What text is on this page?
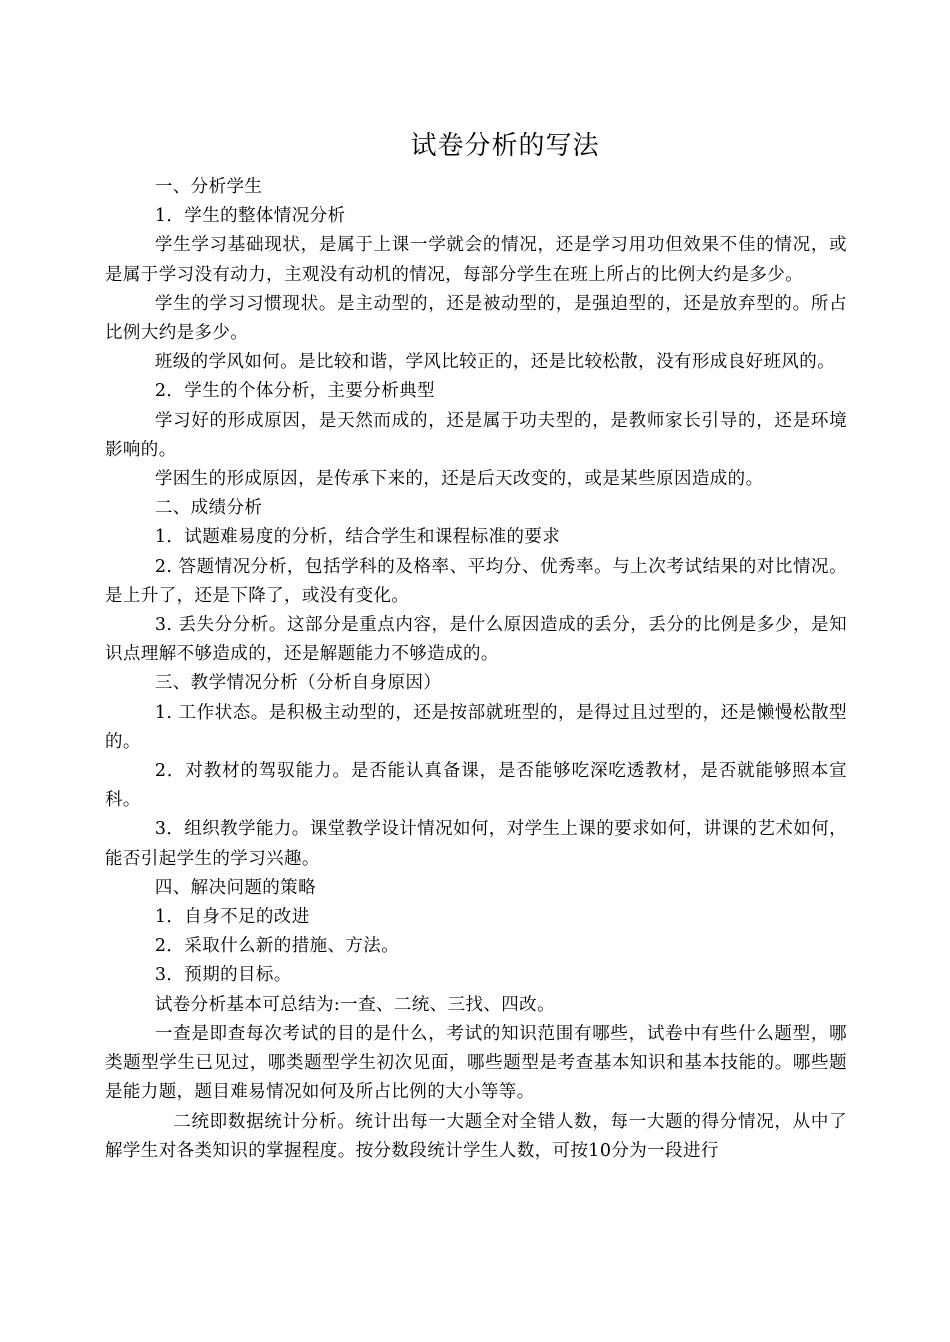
试卷分析的写法

一、分析学生

1．学生的整体情况分析

学生学习基础现状，是属于上课一学就会的情况，还是学习用功但效果不佳的情况，或是属于学习没有动力，主观没有动机的情况，每部分学生在班上所占的比例大约是多少。

学生的学习习惯现状。是主动型的，还是被动型的，是强迫型的，还是放弃型的。所占比例大约是多少。

班级的学风如何。是比较和谐，学风比较正的，还是比较松散，没有形成良好班风的。

2．学生的个体分析，主要分析典型

学习好的形成原因，是天然而成的，还是属于功夫型的，是教师家长引导的，还是环境影响的。

学困生的形成原因，是传承下来的，还是后天改变的，或是某些原因造成的。

二、成绩分析

1．试题难易度的分析，结合学生和课程标准的要求

2. 答题情况分析，包括学科的及格率、平均分、优秀率。与上次考试结果的对比情况。是上升了，还是下降了，或没有变化。

3. 丢失分分析。这部分是重点内容，是什么原因造成的丢分，丢分的比例是多少，是知识点理解不够造成的，还是解题能力不够造成的。

三、教学情况分析（分析自身原因）

1. 工作状态。是积极主动型的，还是按部就班型的，是得过且过型的，还是懒慢松散型的。

2．对教材的驾驭能力。是否能认真备课，是否能够吃深吃透教材，是否就能够照本宣科。

3．组织教学能力。课堂教学设计情况如何，对学生上课的要求如何，讲课的艺术如何，能否引起学生的学习兴趣。

四、解决问题的策略

1．自身不足的改进

2．采取什么新的措施、方法。

3．预期的目标。

试卷分析基本可总结为:一查、二统、三找、四改。

一查是即查每次考试的目的是什么，考试的知识范围有哪些，试卷中有些什么题型，哪类题型学生已见过，哪类题型学生初次见面，哪些题型是考查基本知识和基本技能的。哪些题是能力题，题目难易情况如何及所占比例的大小等等。

二统即数据统计分析。统计出每一大题全对全错人数，每一大题的得分情况，从中了解学生对各类知识的掌握程度。按分数段统计学生人数，可按10分为一段进行
